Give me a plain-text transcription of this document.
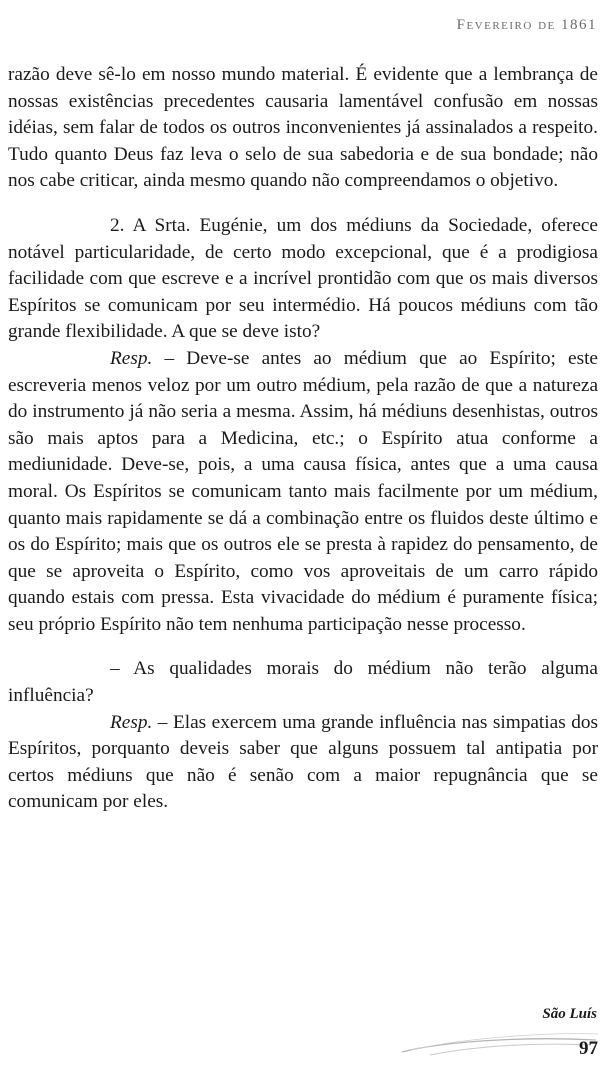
Fevereiro de 1861

razão deve sê-lo em nosso mundo material. É evidente que a lembrança de nossas existências precedentes causaria lamentável confusão em nossas idéias, sem falar de todos os outros inconvenientes já assinalados a respeito. Tudo quanto Deus faz leva o selo de sua sabedoria e de sua bondade; não nos cabe criticar, ainda mesmo quando não compreendamos o objetivo.

2. A Srta. Eugénie, um dos médiuns da Sociedade, oferece notável particularidade, de certo modo excepcional, que é a prodigiosa facilidade com que escreve e a incrível prontidão com que os mais diversos Espíritos se comunicam por seu intermédio. Há poucos médiuns com tão grande flexibilidade. A que se deve isto?

Resp. – Deve-se antes ao médium que ao Espírito; este escreveria menos veloz por um outro médium, pela razão de que a natureza do instrumento já não seria a mesma. Assim, há médiuns desenhistas, outros são mais aptos para a Medicina, etc.; o Espírito atua conforme a mediunidade. Deve-se, pois, a uma causa física, antes que a uma causa moral. Os Espíritos se comunicam tanto mais facilmente por um médium, quanto mais rapidamente se dá a combinação entre os fluidos deste último e os do Espírito; mais que os outros ele se presta à rapidez do pensamento, de que se aproveita o Espírito, como vos aproveitais de um carro rápido quando estais com pressa. Esta vivacidade do médium é puramente física; seu próprio Espírito não tem nenhuma participação nesse processo.

– As qualidades morais do médium não terão alguma influência?

Resp. – Elas exercem uma grande influência nas simpatias dos Espíritos, porquanto deveis saber que alguns possuem tal antipatia por certos médiuns que não é senão com a maior repugnância que se comunicam por eles.

São Luís
97
